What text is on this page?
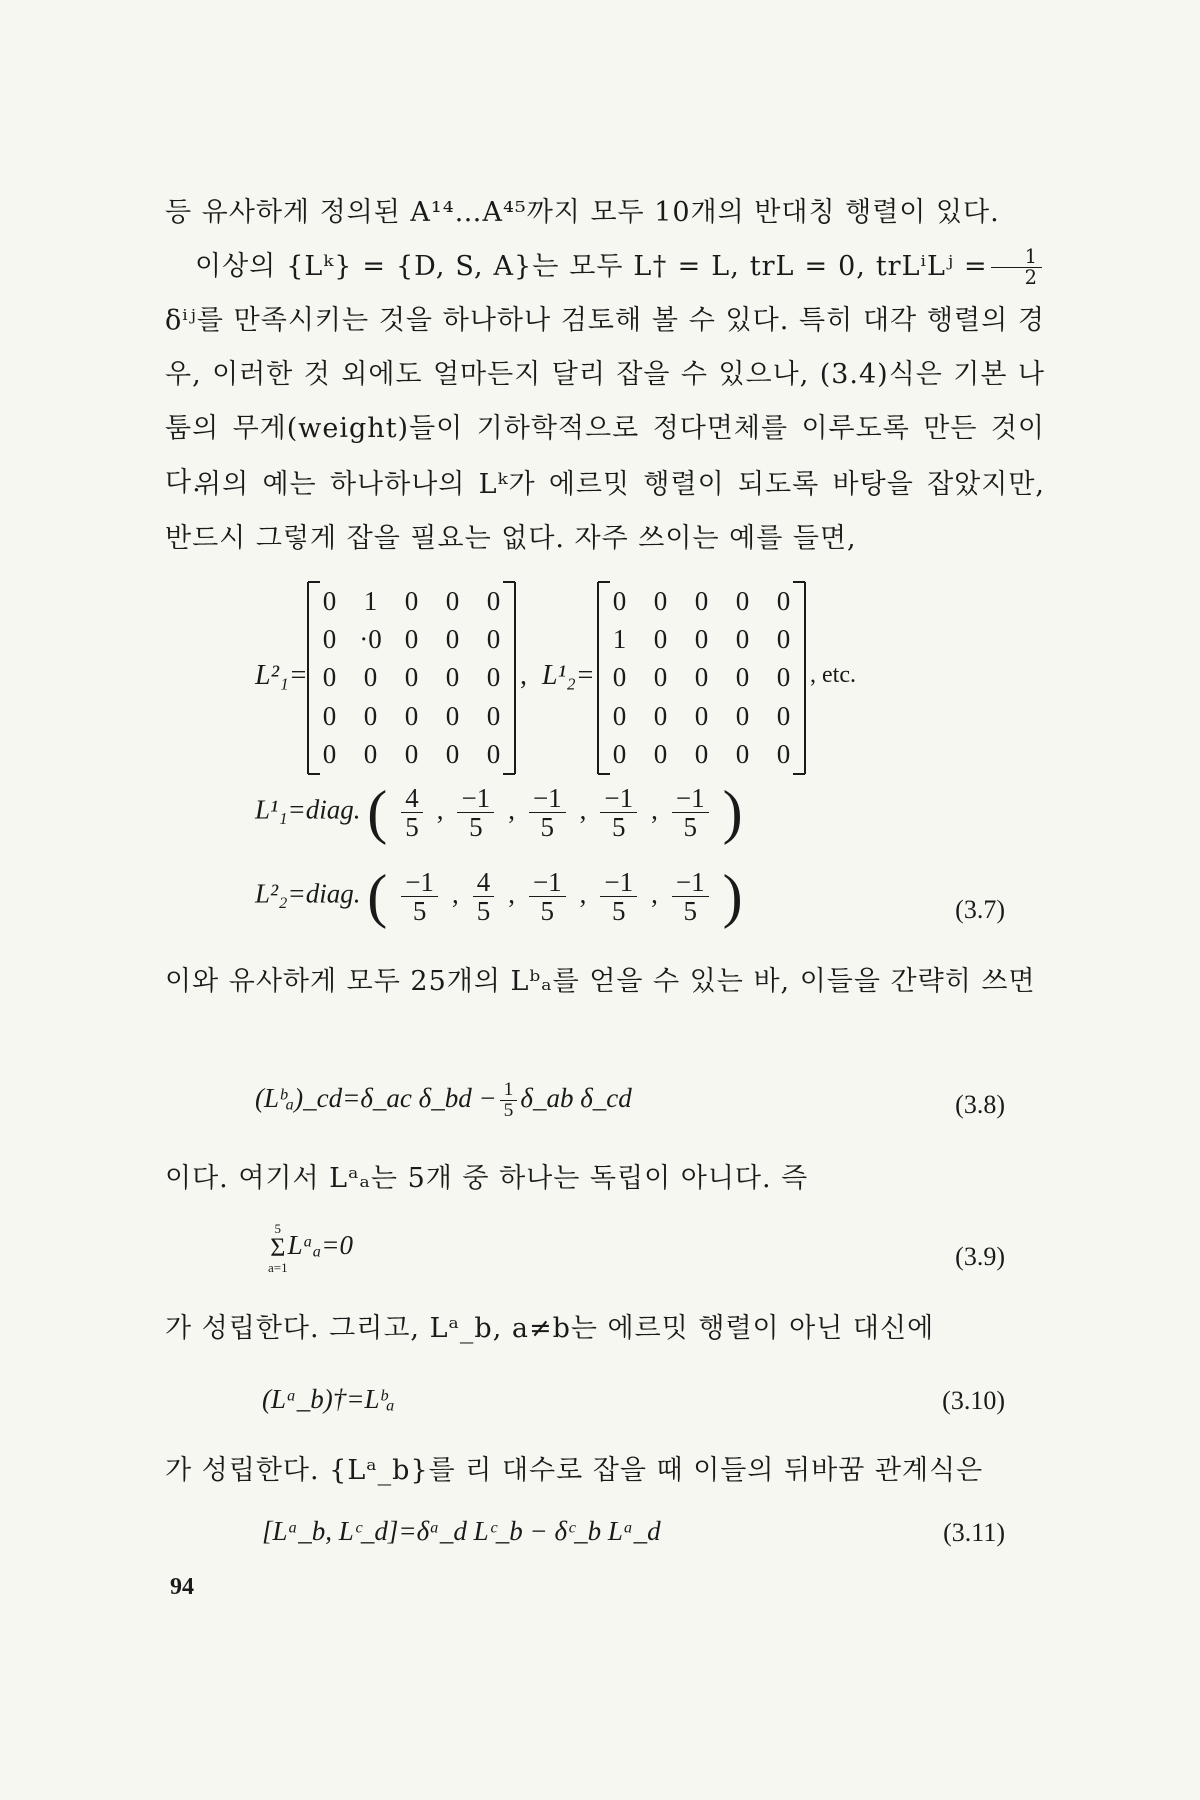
등 유사하게 정의된 A¹⁴…A⁴⁵까지 모두 10개의 반대칭 행렬이 있다.
이상의 {Lᵏ} = {D, S, A}는 모두 L† = L, trL = 0, trLⁱLʲ = $\frac{1}{2}$
δⁱʲ를 만족시키는 것을 하나하나 검토해 볼 수 있다. 특히 대각 행렬의 경우, 이러한 것 외에도 얼마든지 달리 잡을 수 있으나, (3.4)식은 기본 나툼의 무게(weight)들이 기하학적으로 정다면체를 이루도록 만든 것이다.
위의 예는 하나하나의 Lᵏ가 에르밋 행렬이 되도록 바탕을 잡았지만, 반드시 그렇게 잡을 필요는 없다. 자주 쓰이는 예를 들면,
L²₁=
0	1	0	0	0
0	·0	0	0	0
0	0	0	0	0
0	0	0	0	0
0	0	0	0	0
, L¹₂=
0	0	0	0	0
1	0	0	0	0
0	0	0	0	0
0	0	0	0	0
0	0	0	0	0
, etc.
L¹₁=diag. ( $\frac{4}{5}$ , $\frac{-1}{5}$ , $\frac{-1}{5}$ , $\frac{-1}{5}$ , $\frac{-1}{5}$ )
L²₂=diag. ( $\frac{-1}{5}$ , $\frac{4}{5}$ , $\frac{-1}{5}$ , $\frac{-1}{5}$ , $\frac{-1}{5}$ )	(3.7)
이와 유사하게 모두 25개의 Lᵇₐ를 얻을 수 있는 바, 이들을 간략히 쓰면
(Lᵇₐ)_cd=δ_ac δ_bd − $\frac{1}{5}$ δ_ab δ_cd	(3.8)
이다. 여기서 Lᵃₐ는 5개 중 하나는 독립이 아니다. 즉
5
Σ
a=1
Lᵃₐ=0	(3.9)
가 성립한다. 그리고, Lᵃ_b, a≠b는 에르밋 행렬이 아닌 대신에
(Lᵃ_b)†=Lᵇₐ	(3.10)
가 성립한다. {Lᵃ_b}를 리 대수로 잡을 때 이들의 뒤바꿈 관계식은
[Lᵃ_b, Lᶜ_d]=δᵃ_d Lᶜ_b − δᶜ_b Lᵃ_d	(3.11)
94
